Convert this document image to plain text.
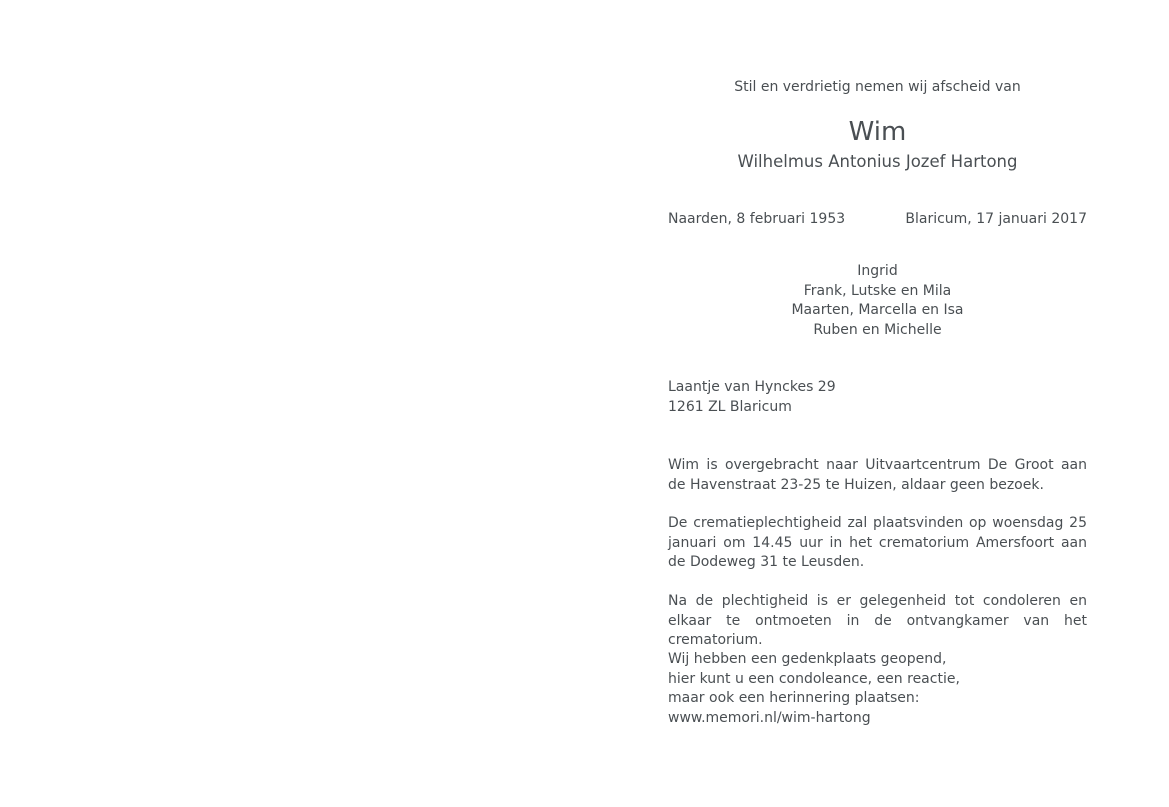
Stil en verdrietig nemen wij afscheid van
Wim
Wilhelmus Antonius Jozef Hartong
Naarden, 8 februari 1953	Blaricum, 17 januari 2017
Ingrid
Frank, Lutske en Mila
Maarten, Marcella en Isa
Ruben en Michelle
Laantje van Hynckes 29
1261 ZL Blaricum
Wim is overgebracht naar Uitvaartcentrum De Groot aan de Havenstraat 23-25 te Huizen, aldaar geen bezoek.
De crematieplechtigheid zal plaatsvinden op woensdag 25 januari om 14.45 uur in het crematorium Amersfoort aan de Dodeweg 31 te Leusden.
Na de plechtigheid is er gelegenheid tot condoleren en elkaar te ontmoeten in de ontvangkamer van het crematorium.
Wij hebben een gedenkplaats geopend,
hier kunt u een condoleance, een reactie,
maar ook een herinnering plaatsen:
www.memori.nl/wim-hartong
